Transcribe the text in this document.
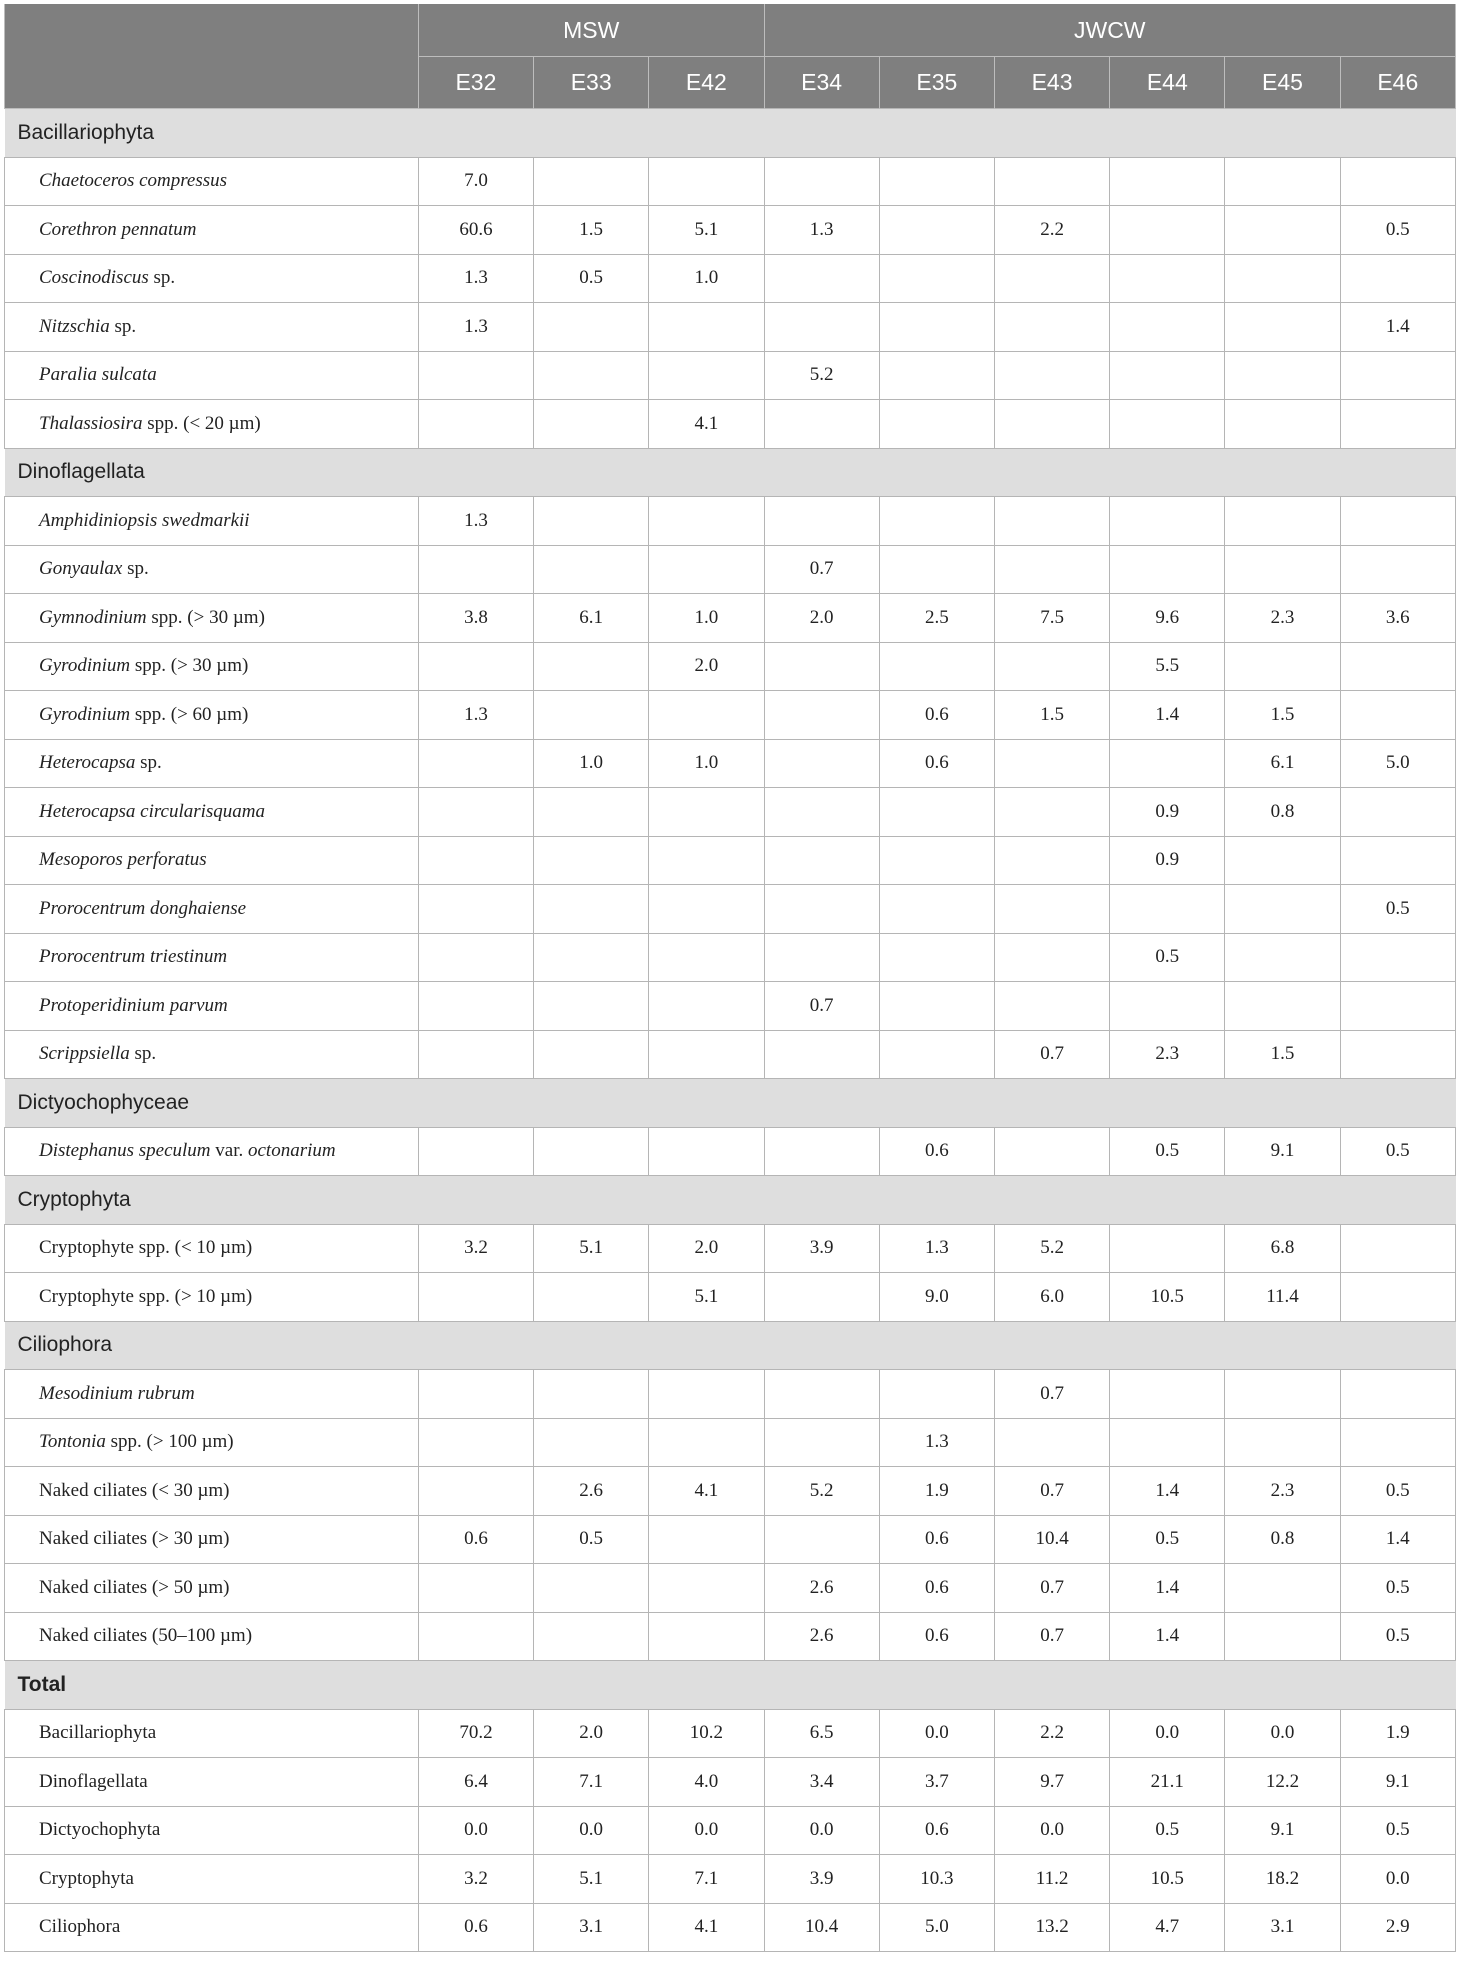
	MSW			JWCW					
	E32	E33	E42	E34	E35	E43	E44	E45	E46
Bacillariophyta									
Chaetoceros compressus	7.0								
Corethron pennatum	60.6	1.5	5.1	1.3		2.2			0.5
Coscinodiscus sp.	1.3	0.5	1.0						
Nitzschia sp.	1.3								1.4
Paralia sulcata				5.2					
Thalassiosira spp. (< 20 µm)			4.1						
Dinoflagellata									
Amphidiniopsis swedmarkii	1.3								
Gonyaulax sp.				0.7					
Gymnodinium spp. (> 30 µm)	3.8	6.1	1.0	2.0	2.5	7.5	9.6	2.3	3.6
Gyrodinium spp. (> 30 µm)			2.0				5.5		
Gyrodinium spp. (> 60 µm)	1.3				0.6	1.5	1.4	1.5	
Heterocapsa sp.		1.0	1.0		0.6			6.1	5.0
Heterocapsa circularisquama							0.9	0.8	
Mesoporos perforatus							0.9		
Prorocentrum donghaiense									0.5
Prorocentrum triestinum							0.5		
Protoperidinium parvum				0.7					
Scrippsiella sp.						0.7	2.3	1.5	
Dictyochophyceae									
Distephanus speculum var. octonarium					0.6		0.5	9.1	0.5
Cryptophyta									
Cryptophyte spp. (< 10 µm)	3.2	5.1	2.0	3.9	1.3	5.2		6.8	
Cryptophyte spp. (> 10 µm)			5.1		9.0	6.0	10.5	11.4	
Ciliophora									
Mesodinium rubrum						0.7			
Tontonia spp. (> 100 µm)					1.3				
Naked ciliates (< 30 µm)		2.6	4.1	5.2	1.9	0.7	1.4	2.3	0.5
Naked ciliates (> 30 µm)	0.6	0.5			0.6	10.4	0.5	0.8	1.4
Naked ciliates (> 50 µm)				2.6	0.6	0.7	1.4		0.5
Naked ciliates (50–100 µm)				2.6	0.6	0.7	1.4		0.5
Total									
Bacillariophyta	70.2	2.0	10.2	6.5	0.0	2.2	0.0	0.0	1.9
Dinoflagellata	6.4	7.1	4.0	3.4	3.7	9.7	21.1	12.2	9.1
Dictyochophyta	0.0	0.0	0.0	0.0	0.6	0.0	0.5	9.1	0.5
Cryptophyta	3.2	5.1	7.1	3.9	10.3	11.2	10.5	18.2	0.0
Ciliophora	0.6	3.1	4.1	10.4	5.0	13.2	4.7	3.1	2.9
